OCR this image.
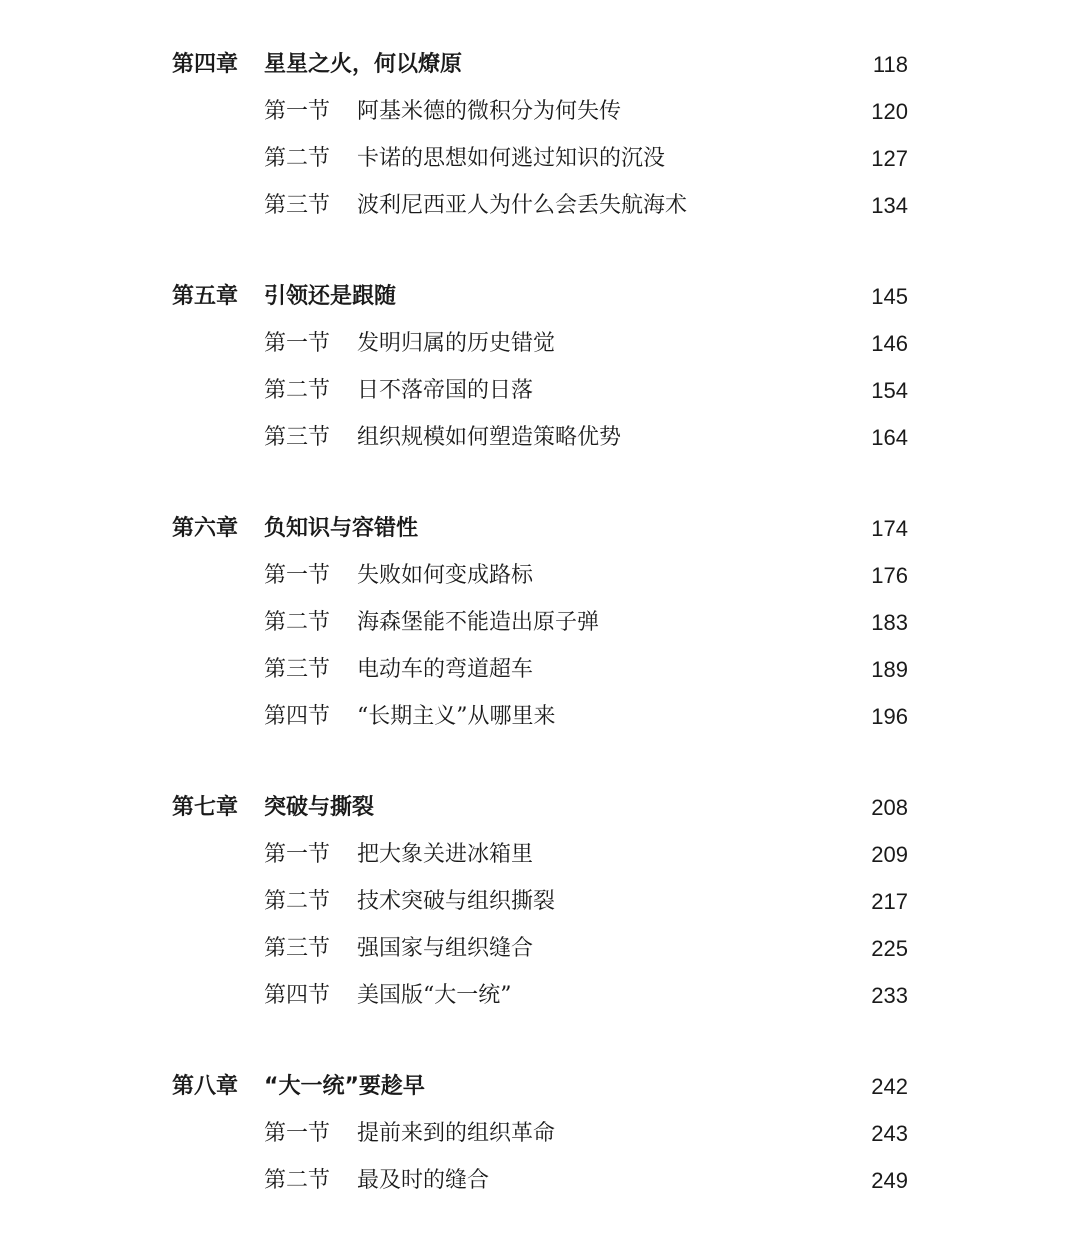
第四章 星星之火，何以燎原	118
第一节 阿基米德的微积分为何失传	120
第二节 卡诺的思想如何逃过知识的沉没	127
第三节 波利尼西亚人为什么会丢失航海术	134
第五章 引领还是跟随	145
第一节 发明归属的历史错觉	146
第二节 日不落帝国的日落	154
第三节 组织规模如何塑造策略优势	164
第六章 负知识与容错性	174
第一节 失败如何变成路标	176
第二节 海森堡能不能造出原子弹	183
第三节 电动车的弯道超车	189
第四节 “长期主义”从哪里来	196
第七章 突破与撕裂	208
第一节 把大象关进冰箱里	209
第二节 技术突破与组织撕裂	217
第三节 强国家与组织缝合	225
第四节 美国版“大一统”	233
第八章 “大一统”要趁早	242
第一节 提前来到的组织革命	243
第二节 最及时的缝合	249
